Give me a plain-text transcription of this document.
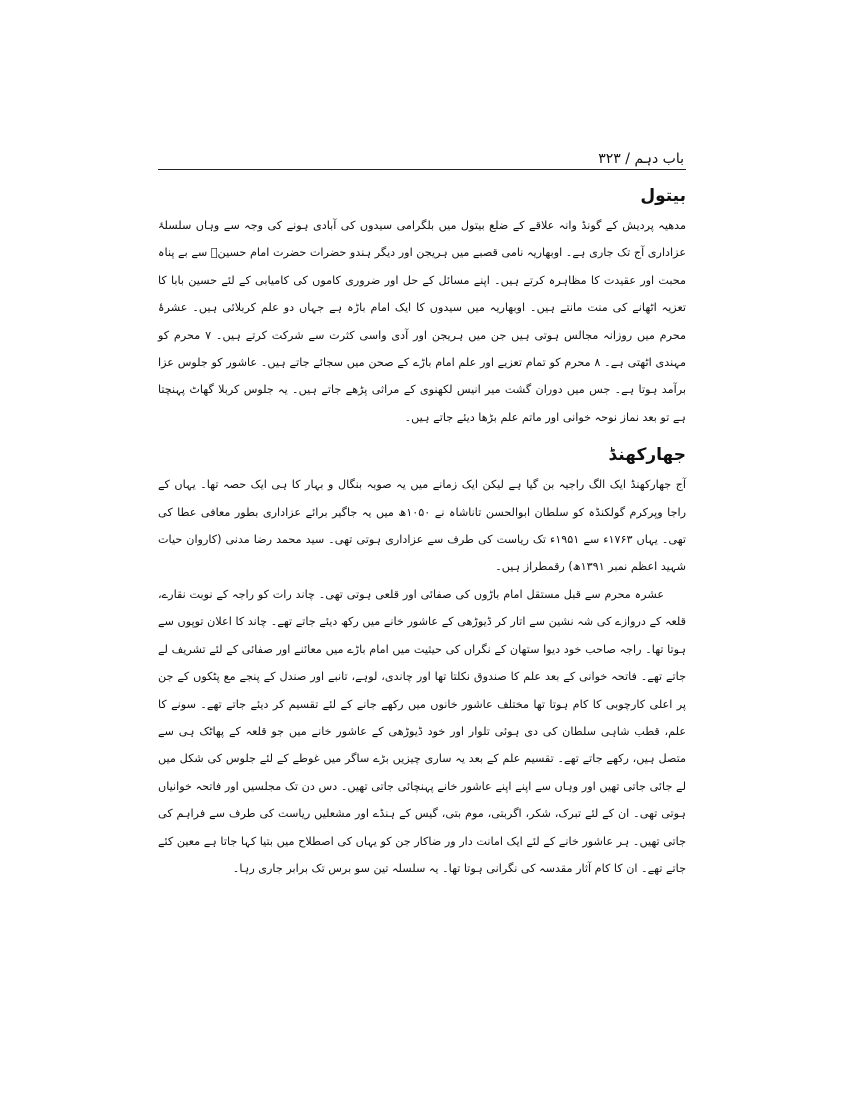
باب دہم / ۳۲۳
بیتول

مدھیہ پردیش کے گونڈ وانہ علاقے کے ضلع بیتول میں بلگرامی سیدوں کی آبادی ہونے کی وجہ سے وہاں سلسلۂ عزاداری آج تک جاری ہے۔ اوبھاریہ نامی قصبے میں ہریجن اور دیگر ہندو حضرات حضرت امام حسینؑ سے بے پناہ محبت اور عقیدت کا مظاہرہ کرتے ہیں۔ اپنے مسائل کے حل اور ضروری کاموں کی کامیابی کے لئے حسین بابا کا تعزیہ اٹھانے کی منت مانتے ہیں۔ اوبھاریہ میں سیدوں کا ایک امام باڑہ ہے جہاں دو علم کربلائی ہیں۔ عشرۂ محرم میں روزانہ مجالس ہوتی ہیں جن میں ہریجن اور آدی واسی کثرت سے شرکت کرتے ہیں۔ ۷ محرم کو مہندی اٹھتی ہے۔ ۸ محرم کو تمام تعزیے اور علم امام باڑے کے صحن میں سجائے جاتے ہیں۔ عاشور کو جلوس عزا برآمد ہوتا ہے۔ جس میں دوران گشت میر انیس لکھنوی کے مراثی پڑھے جاتے ہیں۔ یہ جلوس کربلا گھاٹ پہنچتا ہے تو بعد نماز نوحہ خوانی اور ماتم علم بڑھا دیئے جاتے ہیں۔

جھارکھنڈ

آج جھارکھنڈ ایک الگ راجیہ بن گیا ہے لیکن ایک زمانے میں یہ صوبہ بنگال و بہار کا ہی ایک حصہ تھا۔ یہاں کے راجا وپرکرم گولکنڈہ کو سلطان ابوالحسن تاناشاہ نے ۱۰۵۰ھ میں یہ جاگیر برائے عزاداری بطور معافی عطا کی تھی۔ یہاں ۱۷۶۳ء سے ۱۹۵۱ء تک ریاست کی طرف سے عزاداری ہوتی تھی۔ سید محمد رضا مدنی (کاروان حیات شہید اعظم نمبر ۱۳۹۱ھ) رقمطراز ہیں۔

عشرہ محرم سے قبل مستقل امام باڑوں کی صفائی اور قلعی ہوتی تھی۔ چاند رات کو راجہ کے نوبت نقارے، قلعہ کے دروازے کی شہ نشین سے اتار کر ڈیوڑھی کے عاشور خانے میں رکھ دیئے جاتے تھے۔ چاند کا اعلان توپوں سے ہوتا تھا۔ راجہ صاحب خود دیوا ستھان کے نگراں کی حیثیت میں امام باڑے میں معائنے اور صفائی کے لئے تشریف لے جاتے تھے۔ فاتحہ خوانی کے بعد علم کا صندوق نکلتا تھا اور چاندی، لوہے، تانبے اور صندل کے پنجے مع پٹکوں کے جن پر اعلی کارچوبی کا کام ہوتا تھا مختلف عاشور خانوں میں رکھے جانے کے لئے تقسیم کر دیئے جاتے تھے۔ سونے کا علم، قطب شاہی سلطان کی دی ہوئی تلوار اور خود ڈیوڑھی کے عاشور خانے میں جو قلعہ کے پھاٹک ہی سے متصل ہیں، رکھے جاتے تھے۔ تقسیم علم کے بعد یہ ساری چیزیں بڑے ساگر میں غوطے کے لئے جلوس کی شکل میں لے جائی جاتی تھیں اور وہاں سے اپنے اپنے عاشور خانے پہنچائی جاتی تھیں۔ دس دن تک مجلسیں اور فاتحہ خوانیاں ہوتی تھی۔ ان کے لئے تبرک، شکر، اگربتی، موم بتی، گیس کے ہنڈے اور مشعلیں ریاست کی طرف سے فراہم کی جاتی تھیں۔ ہر عاشور خانے کے لئے ایک امانت دار ور ضاکار جن کو یہاں کی اصطلاح میں بتیا کہا جاتا ہے معین کئے جاتے تھے۔ ان کا کام آثار مقدسہ کی نگرانی ہوتا تھا۔ یہ سلسلہ تین سو برس تک برابر جاری رہا۔
